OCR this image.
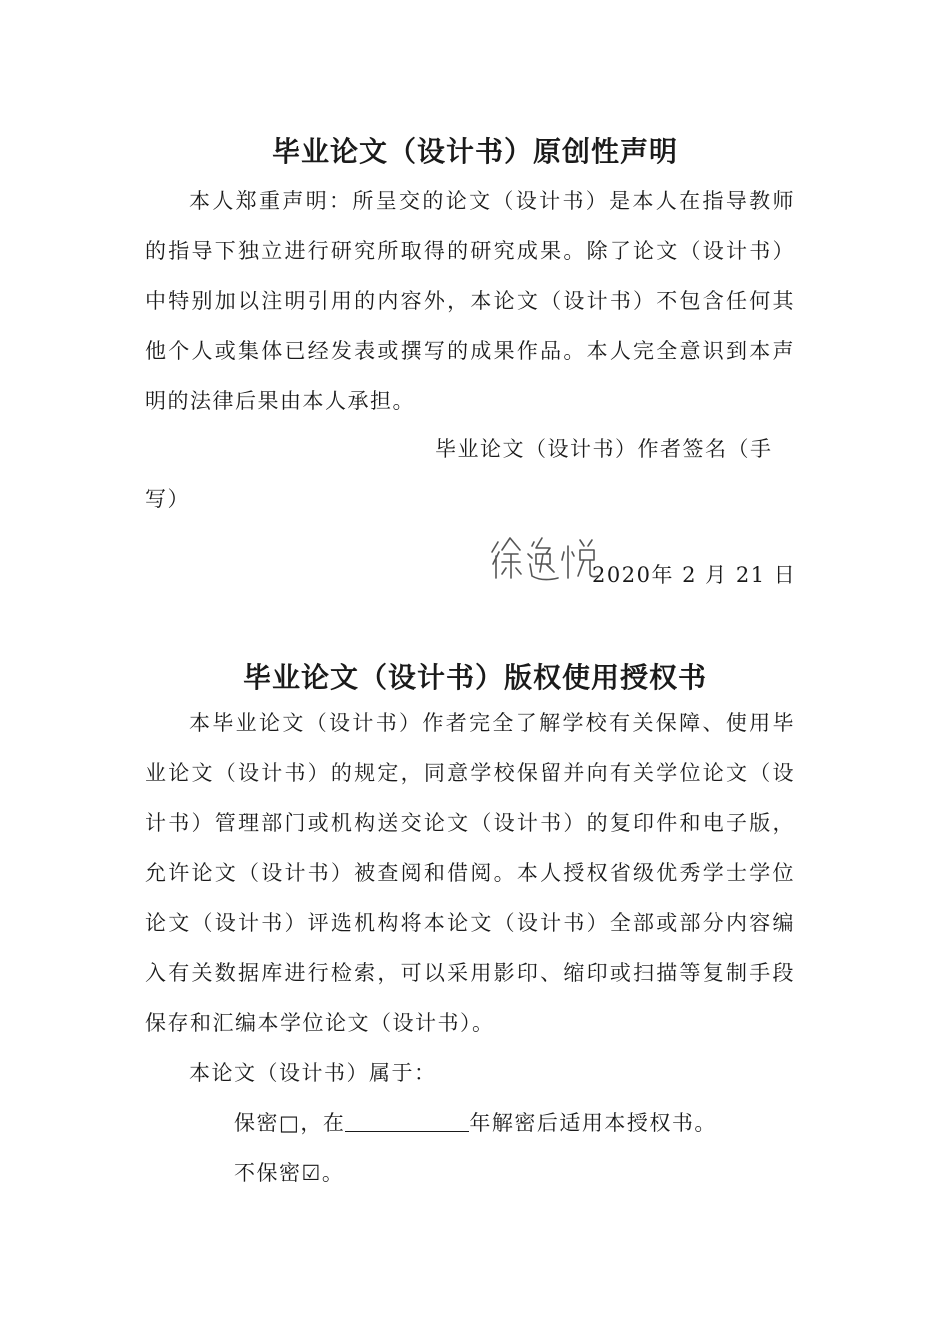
毕业论文（设计书）原创性声明

本人郑重声明：所呈交的论文（设计书）是本人在指导教师的指导下独立进行研究所取得的研究成果。除了论文（设计书）中特别加以注明引用的内容外，本论文（设计书）不包含任何其他个人或集体已经发表或撰写的成果作品。本人完全意识到本声明的法律后果由本人承担。

毕业论文（设计书）作者签名（手

写）

2020年 2 月 21 日

毕业论文（设计书）版权使用授权书

本毕业论文（设计书）作者完全了解学校有关保障、使用毕业论文（设计书）的规定，同意学校保留并向有关学位论文（设计书）管理部门或机构送交论文（设计书）的复印件和电子版，允许论文（设计书）被查阅和借阅。本人授权省级优秀学士学位论文（设计书）评选机构将本论文（设计书）全部或部分内容编入有关数据库进行检索，可以采用影印、缩印或扫描等复制手段保存和汇编本学位论文（设计书）。

本论文（设计书）属于：

保密□，在	年解密后适用本授权书。

不保密☑。
